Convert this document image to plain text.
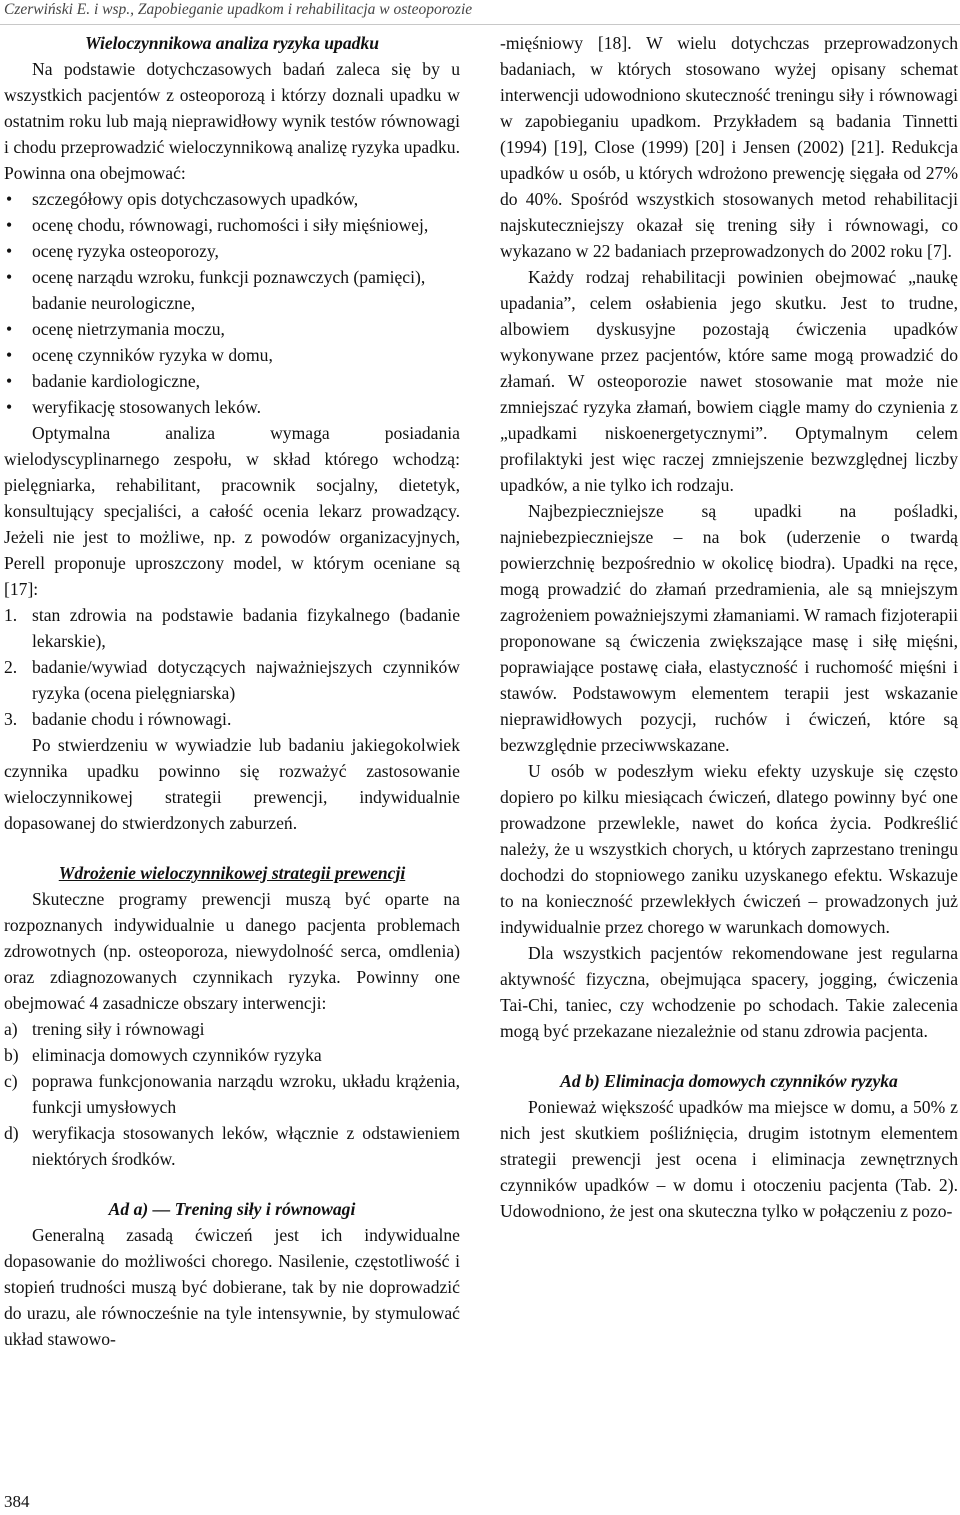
Czerwiński E. i wsp., Zapobieganie upadkom i rehabilitacja w osteoporozie

Wieloczynnikowa analiza ryzyka upadku

Na podstawie dotychczasowych badań zaleca się by u wszystkich pacjentów z osteoporozą i którzy doznali upadku w ostatnim roku lub mają nieprawidłowy wynik testów równowagi i chodu przeprowadzić wieloczynnikową analizę ryzyka upadku. Powinna ona obejmować:

• szczegółowy opis dotychczasowych upadków,
• ocenę chodu, równowagi, ruchomości i siły mięśniowej,
• ocenę ryzyka osteoporozy,
• ocenę narządu wzroku, funkcji poznawczych (pamięci), badanie neurologiczne,
• ocenę nietrzymania moczu,
• ocenę czynników ryzyka w domu,
• badanie kardiologiczne,
• weryfikację stosowanych leków.

Optymalna analiza wymaga posiadania wielodyscyplinarnego zespołu, w skład którego wchodzą: pielęgniarka, rehabilitant, pracownik socjalny, dietetyk, konsultujący specjaliści, a całość ocenia lekarz prowadzący. Jeżeli nie jest to możliwe, np. z powodów organizacyjnych, Perell proponuje uproszczony model, w którym oceniane są [17]:

1. stan zdrowia na podstawie badania fizykalnego (badanie lekarskie),
2. badanie/wywiad dotyczących najważniejszych czynników ryzyka (ocena pielęgniarska)
3. badanie chodu i równowagi.

Po stwierdzeniu w wywiadzie lub badaniu jakiegokolwiek czynnika upadku powinno się rozważyć zastosowanie wieloczynnikowej strategii prewencji, indywidualnie dopasowanej do stwierdzonych zaburzeń.

Wdrożenie wieloczynnikowej strategii prewencji

Skuteczne programy prewencji muszą być oparte na rozpoznanych indywidualnie u danego pacjenta problemach zdrowotnych (np. osteoporoza, niewydolność serca, omdlenia) oraz zdiagnozowanych czynnikach ryzyka. Powinny one obejmować 4 zasadnicze obszary interwencji:

a) trening siły i równowagi
b) eliminacja domowych czynników ryzyka
c) poprawa funkcjonowania narządu wzroku, układu krążenia, funkcji umysłowych
d) weryfikacja stosowanych leków, włącznie z odstawieniem niektórych środków.

Ad a) — Trening siły i równowagi

Generalną zasadą ćwiczeń jest ich indywidualne dopasowanie do możliwości chorego. Nasilenie, częstotliwość i stopień trudności muszą być dobierane, tak by nie doprowadzić do urazu, ale równocześnie na tyle intensywnie, by stymulować układ stawowo-

-mięśniowy [18]. W wielu dotychczas przeprowadzonych badaniach, w których stosowano wyżej opisany schemat interwencji udowodniono skuteczność treningu siły i równowagi w zapobieganiu upadkom. Przykładem są badania Tinnetti (1994) [19], Close (1999) [20] i Jensen (2002) [21]. Redukcja upadków u osób, u których wdrożono prewencję sięgała od 27% do 40%. Spośród wszystkich stosowanych metod rehabilitacji najskuteczniejszy okazał się trening siły i równowagi, co wykazano w 22 badaniach przeprowadzonych do 2002 roku [7].

Każdy rodzaj rehabilitacji powinien obejmować „naukę upadania”, celem osłabienia jego skutku. Jest to trudne, albowiem dyskusyjne pozostają ćwiczenia upadków wykonywane przez pacjentów, które same mogą prowadzić do złamań. W osteoporozie nawet stosowanie mat może nie zmniejszać ryzyka złamań, bowiem ciągle mamy do czynienia z „upadkami niskoenergetycznymi”. Optymalnym celem profilaktyki jest więc raczej zmniejszenie bezwzględnej liczby upadków, a nie tylko ich rodzaju.

Najbezpieczniejsze są upadki na pośladki, najniebezpieczniejsze – na bok (uderzenie o twardą powierzchnię bezpośrednio w okolicę biodra). Upadki na ręce, mogą prowadzić do złamań przedramienia, ale są mniejszym zagrożeniem poważniejszymi złamaniami. W ramach fizjoterapii proponowane są ćwiczenia zwiększające masę i siłę mięśni, poprawiające postawę ciała, elastyczność i ruchomość mięśni i stawów. Podstawowym elementem terapii jest wskazanie nieprawidłowych pozycji, ruchów i ćwiczeń, które są bezwzględnie przeciwwskazane.

U osób w podeszłym wieku efekty uzyskuje się często dopiero po kilku miesiącach ćwiczeń, dlatego powinny być one prowadzone przewlekle, nawet do końca życia. Podkreślić należy, że u wszystkich chorych, u których zaprzestano treningu dochodzi do stopniowego zaniku uzyskanego efektu. Wskazuje to na konieczność przewlekłych ćwiczeń – prowadzonych już indywidualnie przez chorego w warunkach domowych.

Dla wszystkich pacjentów rekomendowane jest regularna aktywność fizyczna, obejmująca spacery, jogging, ćwiczenia Tai-Chi, taniec, czy wchodzenie po schodach. Takie zalecenia mogą być przekazane niezależnie od stanu zdrowia pacjenta.

Ad b) Eliminacja domowych czynników ryzyka

Ponieważ większość upadków ma miejsce w domu, a 50% z nich jest skutkiem pośliźnięcia, drugim istotnym elementem strategii prewencji jest ocena i eliminacja zewnętrznych czynników upadków – w domu i otoczeniu pacjenta (Tab. 2). Udowodniono, że jest ona skuteczna tylko w połączeniu z pozo-

384
